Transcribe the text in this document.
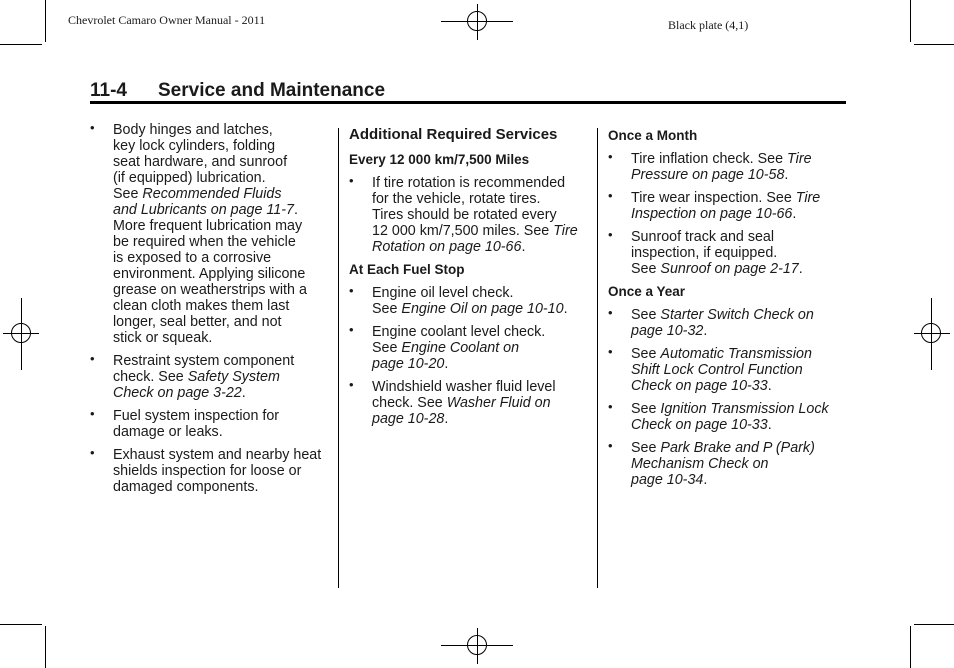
Chevrolet Camaro Owner Manual - 2011	Black plate (4,1)
11-4 Service and Maintenance
• Body hinges and latches,
key lock cylinders, folding
seat hardware, and sunroof
(if equipped) lubrication.
See Recommended Fluids
and Lubricants on page 11-7.
More frequent lubrication may
be required when the vehicle
is exposed to a corrosive
environment. Applying silicone
grease on weatherstrips with a
clean cloth makes them last
longer, seal better, and not
stick or squeak.
• Restraint system component
check. See Safety System
Check on page 3-22.
• Fuel system inspection for
damage or leaks.
• Exhaust system and nearby heat
shields inspection for loose or
damaged components.
Additional Required Services
Every 12 000 km/7,500 Miles
• If tire rotation is recommended
for the vehicle, rotate tires.
Tires should be rotated every
12 000 km/7,500 miles. See Tire
Rotation on page 10-66.
At Each Fuel Stop
• Engine oil level check.
See Engine Oil on page 10-10.
• Engine coolant level check.
See Engine Coolant on
page 10-20.
• Windshield washer fluid level
check. See Washer Fluid on
page 10-28.
Once a Month
• Tire inflation check. See Tire
Pressure on page 10-58.
• Tire wear inspection. See Tire
Inspection on page 10-66.
• Sunroof track and seal
inspection, if equipped.
See Sunroof on page 2-17.
Once a Year
• See Starter Switch Check on
page 10-32.
• See Automatic Transmission
Shift Lock Control Function
Check on page 10-33.
• See Ignition Transmission Lock
Check on page 10-33.
• See Park Brake and P (Park)
Mechanism Check on
page 10-34.
